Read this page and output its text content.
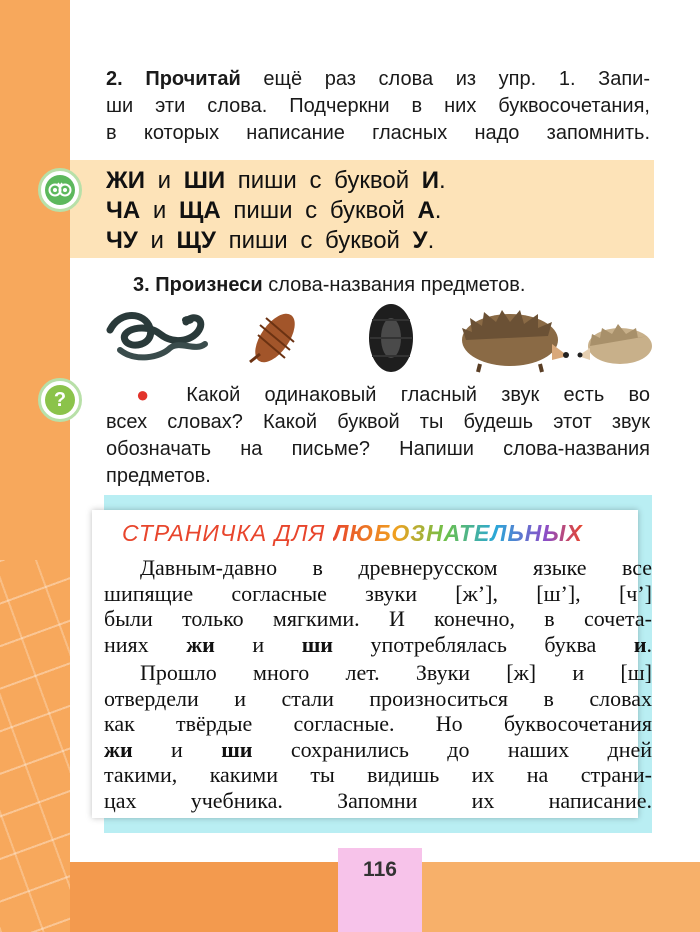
2. Прочитай ещё раз слова из упр. 1. Запи-
ши эти слова. Подчеркни в них буквосочетания,
в которых написание гласных надо запомнить.

ЖИ и ШИ пиши с буквой И.
ЧА и ЩА пиши с буквой А.
ЧУ и ЩУ пиши с буквой У.
3. Произнеси слова-названия предметов.
?	● Какой одинаковый гласный звук есть во
всех словах? Какой буквой ты будешь этот звук
обозначать на письме? Напиши слова-названия
предметов.

СТРАНИЧКА ДЛЯ ЛЮБОЗНАТЕЛЬНЫХ

Давным-давно в древнерусском языке все
шипящие согласные звуки [ж’], [ш’], [ч’]
были только мягкими. И конечно, в сочета-
ниях жи и ши употреблялась буква и.

Прошло много лет. Звуки [ж] и [ш]
отвердели и стали произноситься в словах
как твёрдые согласные. Но буквосочетания
жи и ши сохранились до наших дней
такими, какими ты видишь их на страни-
цах учебника. Запомни их написание.

116
